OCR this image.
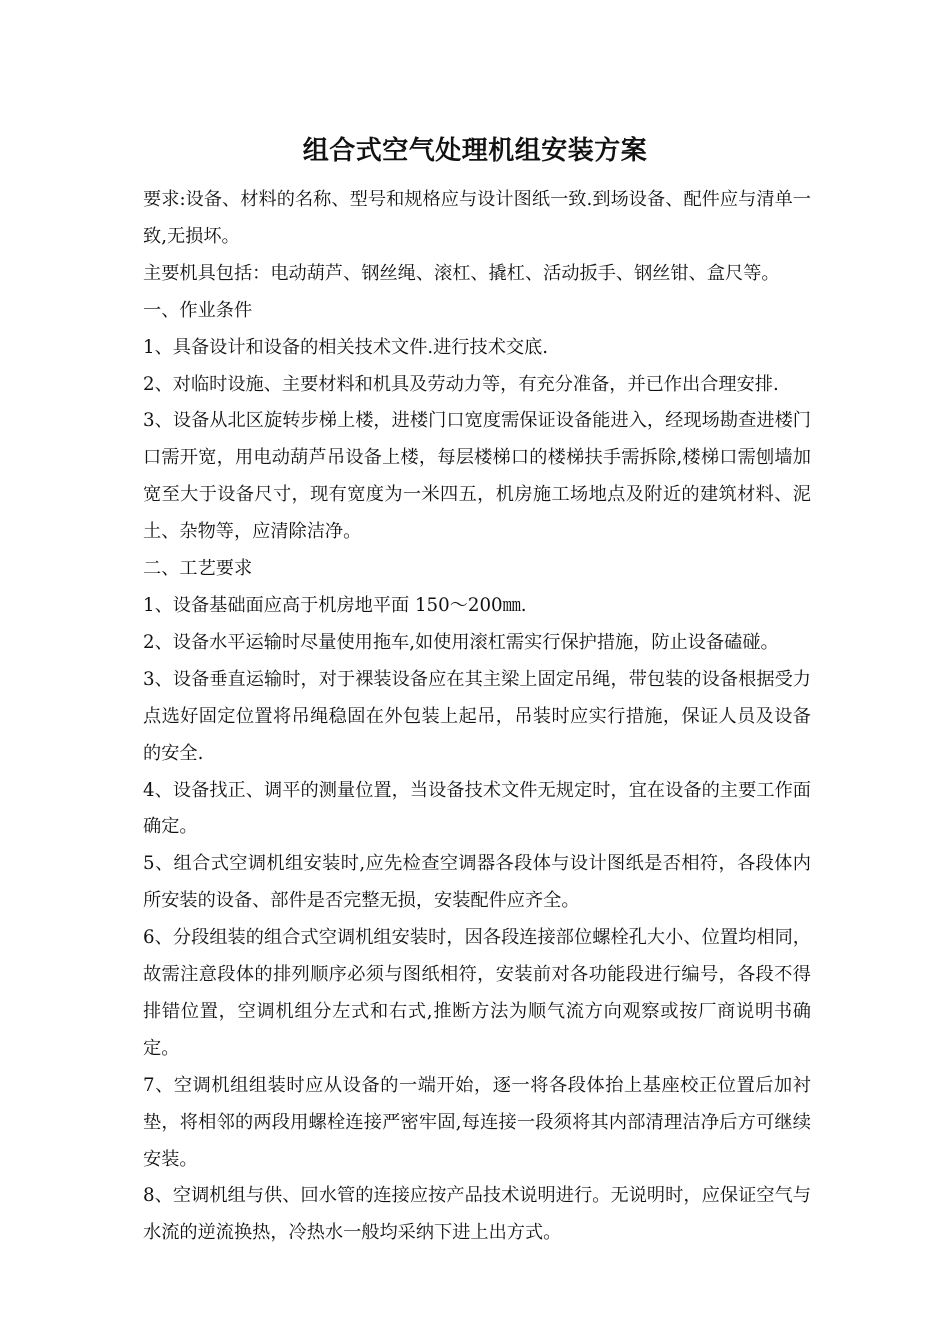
组合式空气处理机组安装方案

要求:设备、材料的名称、型号和规格应与设计图纸一致.到场设备、配件应与清单一致,无损坏。

主要机具包括：电动葫芦、钢丝绳、滚杠、撬杠、活动扳手、钢丝钳、盒尺等。

一、作业条件

1、具备设计和设备的相关技术文件.进行技术交底.

2、对临时设施、主要材料和机具及劳动力等，有充分准备，并已作出合理安排.

3、设备从北区旋转步梯上楼，进楼门口宽度需保证设备能进入，经现场勘查进楼门口需开宽，用电动葫芦吊设备上楼，每层楼梯口的楼梯扶手需拆除,楼梯口需刨墙加宽至大于设备尺寸，现有宽度为一米四五，机房施工场地点及附近的建筑材料、泥土、杂物等，应清除洁净。

二、工艺要求

1、设备基础面应高于机房地平面 150～200㎜.

2、设备水平运输时尽量使用拖车,如使用滚杠需实行保护措施，防止设备磕碰。

3、设备垂直运输时，对于裸装设备应在其主梁上固定吊绳，带包装的设备根据受力点选好固定位置将吊绳稳固在外包装上起吊，吊装时应实行措施，保证人员及设备的安全.

4、设备找正、调平的测量位置，当设备技术文件无规定时，宜在设备的主要工作面确定。

5、组合式空调机组安装时,应先检查空调器各段体与设计图纸是否相符，各段体内所安装的设备、部件是否完整无损，安装配件应齐全。

6、分段组装的组合式空调机组安装时，因各段连接部位螺栓孔大小、位置均相同，故需注意段体的排列顺序必须与图纸相符，安装前对各功能段进行编号，各段不得排错位置，空调机组分左式和右式,推断方法为顺气流方向观察或按厂商说明书确定。

7、空调机组组装时应从设备的一端开始，逐一将各段体抬上基座校正位置后加衬垫，将相邻的两段用螺栓连接严密牢固,每连接一段须将其内部清理洁净后方可继续安装。

8、空调机组与供、回水管的连接应按产品技术说明进行。无说明时，应保证空气与水流的逆流换热，冷热水一般均采纳下进上出方式。
